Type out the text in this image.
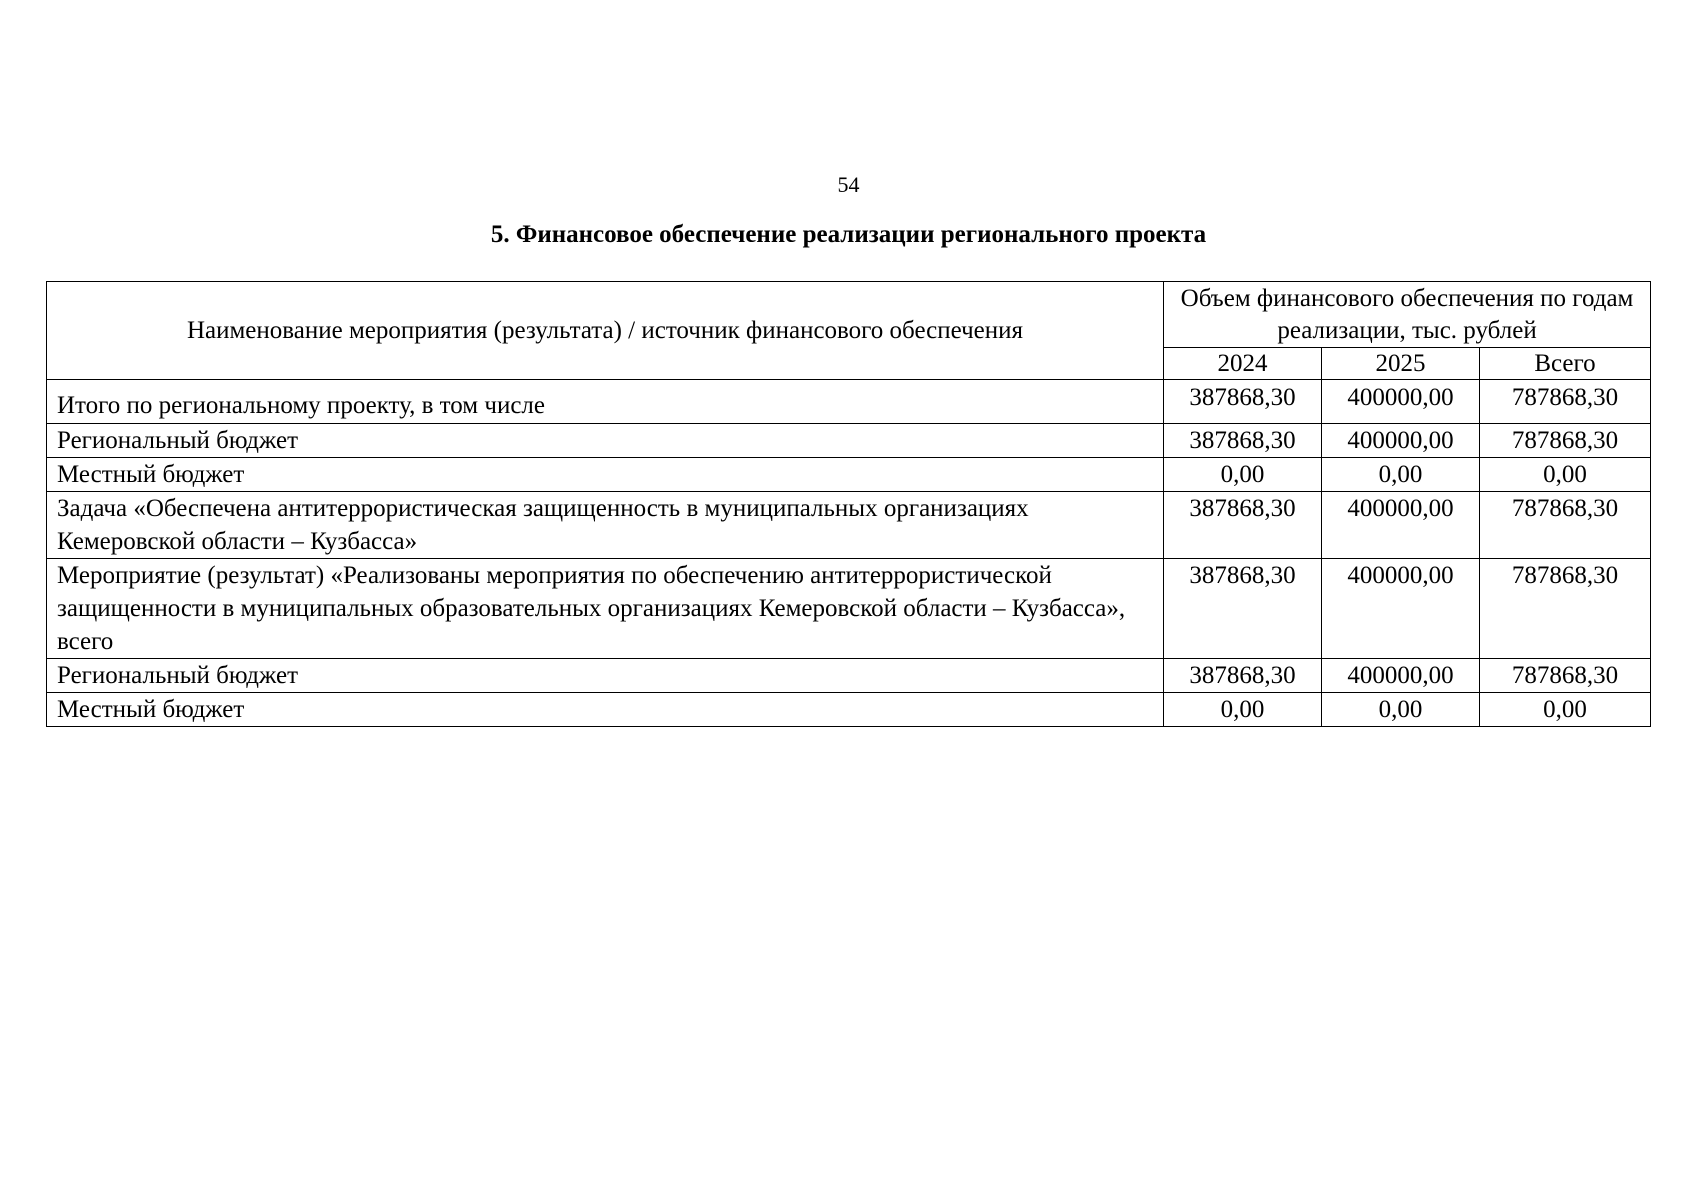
54
5. Финансовое обеспечение реализации регионального проекта
Наименование мероприятия (результата) / источник финансового обеспечения	Объем финансового обеспечения по годам реализации, тыс. рублей		
	2024	2025	Всего
Итого по региональному проекту, в том числе	387868,30	400000,00	787868,30
Региональный бюджет	387868,30	400000,00	787868,30
Местный бюджет	0,00	0,00	0,00
Задача «Обеспечена антитеррористическая защищенность в муниципальных организациях Кемеровской области – Кузбасса»	387868,30	400000,00	787868,30
Мероприятие (результат) «Реализованы мероприятия по обеспечению антитеррористической защищенности в муниципальных образовательных организациях Кемеровской области – Кузбасса», всего	387868,30	400000,00	787868,30
Региональный бюджет	387868,30	400000,00	787868,30
Местный бюджет	0,00	0,00	0,00
